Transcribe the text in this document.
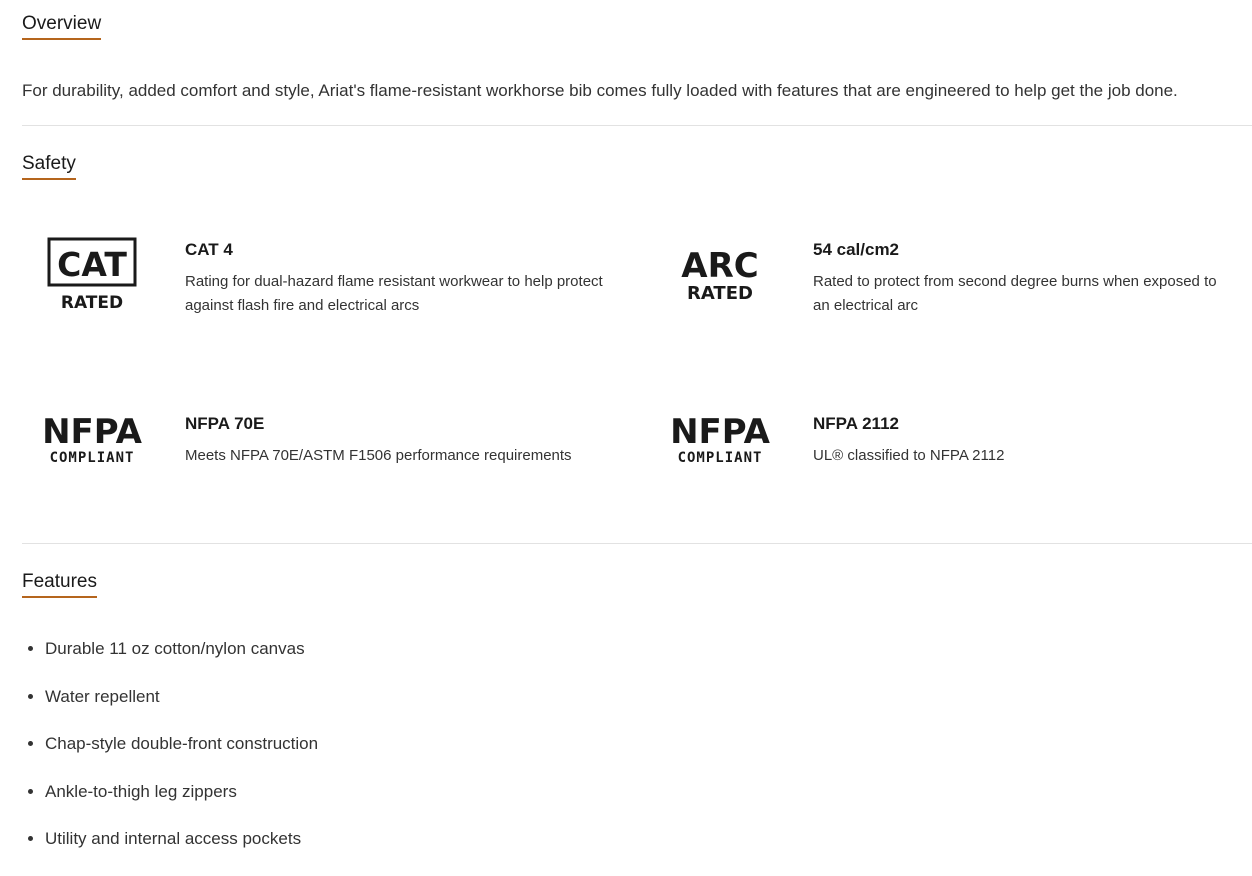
Overview

For durability, added comfort and style, Ariat's flame-resistant workhorse bib comes fully loaded with features that are engineered to help get the job done.

Safety
CAT
RATED
CAT 4

Rating for dual-hazard flame resistant workwear to help protect against flash fire and electrical arcs

ARC
RATED
54 cal/cm2

Rated to protect from second degree burns when exposed to an electrical arc

NFPA
COMPLIANT
NFPA 70E

Meets NFPA 70E/ASTM F1506 performance requirements

NFPA
COMPLIANT
NFPA 2112

UL® classified to NFPA 2112

Features
Durable 11 oz cotton/nylon canvas
Water repellent
Chap-style double-front construction
Ankle-to-thigh leg zippers
Utility and internal access pockets
